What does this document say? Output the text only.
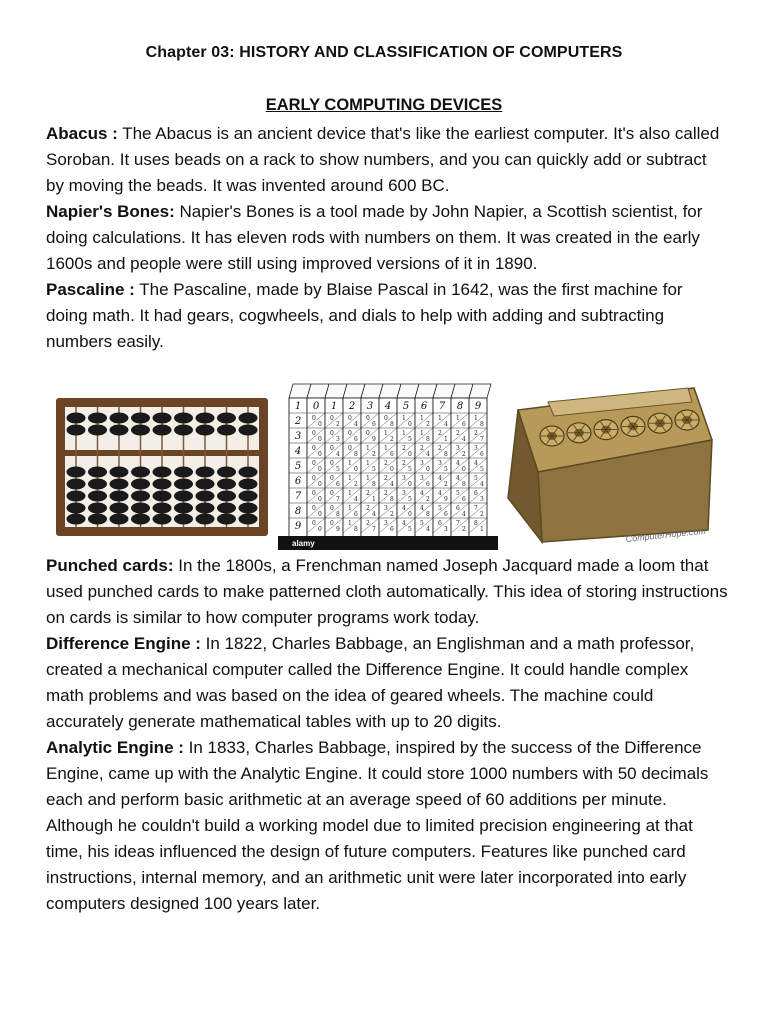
Chapter 03: HISTORY AND CLASSIFICATION OF COMPUTERS
EARLY COMPUTING DEVICES
Abacus : The Abacus is an ancient device that's like the earliest computer. It's also called Soroban. It uses beads on a rack to show numbers, and you can quickly add or subtract by moving the beads. It was invented around 600 BC.
Napier's Bones: Napier's Bones is a tool made by John Napier, a Scottish scientist, for doing calculations. It has eleven rods with numbers on them. It was created in the early 1600s and people were still using improved versions of it in 1890.
Pascaline : The Pascaline, made by Blaise Pascal in 1642, was the first machine for doing math. It had gears, cogwheels, and dials to help with adding and subtracting numbers easily.
1
2
3
4
5
6
7
8
9
0
0
0
0
0
0
0
0
0
0
0
0
0
0
0
0
0
1
0
2
0
3
0
4
0
5
0
6
0
7
0
8
0
9
2
0
4
0
6
0
8
1
0
1
2
1
4
1
6
1
8
3
0
6
0
9
1
2
1
5
1
8
2
1
2
4
2
7
4
0
8
1
2
1
6
2
0
2
4
2
8
3
2
3
6
5
1
0
1
5
2
0
2
5
3
0
3
5
4
0
4
5
6
1
2
1
8
2
4
3
0
3
6
4
2
4
8
5
4
7
1
4
2
1
2
8
3
5
4
2
4
9
5
6
6
3
8
1
6
2
4
3
2
4
0
4
8
5
6
6
4
7
2
9
1
8
2
7
3
6
4
5
5
4
6
3
7
2
8
1
alamy	ComputerHope.com
Punched cards: In the 1800s, a Frenchman named Joseph Jacquard made a loom that used punched cards to make patterned cloth automatically. This idea of storing instructions on cards is similar to how computer programs work today.
Difference Engine : In 1822, Charles Babbage, an Englishman and a math professor, created a mechanical computer called the Difference Engine. It could handle complex math problems and was based on the idea of geared wheels. The machine could accurately generate mathematical tables with up to 20 digits.
Analytic Engine : In 1833, Charles Babbage, inspired by the success of the Difference Engine, came up with the Analytic Engine. It could store 1000 numbers with 50 decimals each and perform basic arithmetic at an average speed of 60 additions per minute. Although he couldn't build a working model due to limited precision engineering at that time, his ideas influenced the design of future computers. Features like punched card instructions, internal memory, and an arithmetic unit were later incorporated into early computers designed 100 years later.
